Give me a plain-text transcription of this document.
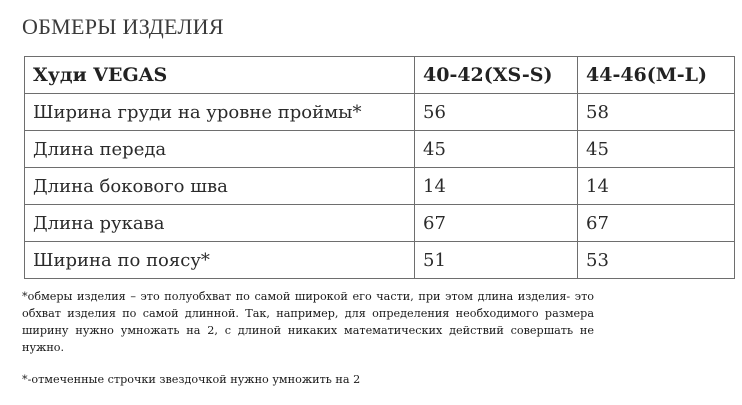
ОБМЕРЫ ИЗДЕЛИЯ
Худи VEGAS	40-42(XS-S)	44-46(M-L)
Ширина груди на уровне проймы*	56	58
Длина переда	45	45
Длина бокового шва	14	14
Длина рукава	67	67
Ширина по поясу*	51	53

*обмеры изделия – это полуобхват по самой широкой его части, при этом длина изделия- это обхват изделия по самой длинной. Так, например, для определения необходимого размера ширину нужно умножать на 2, с длиной никаких математических действий совершать не нужно.

*-отмеченные строчки звездочкой нужно умножить на 2
